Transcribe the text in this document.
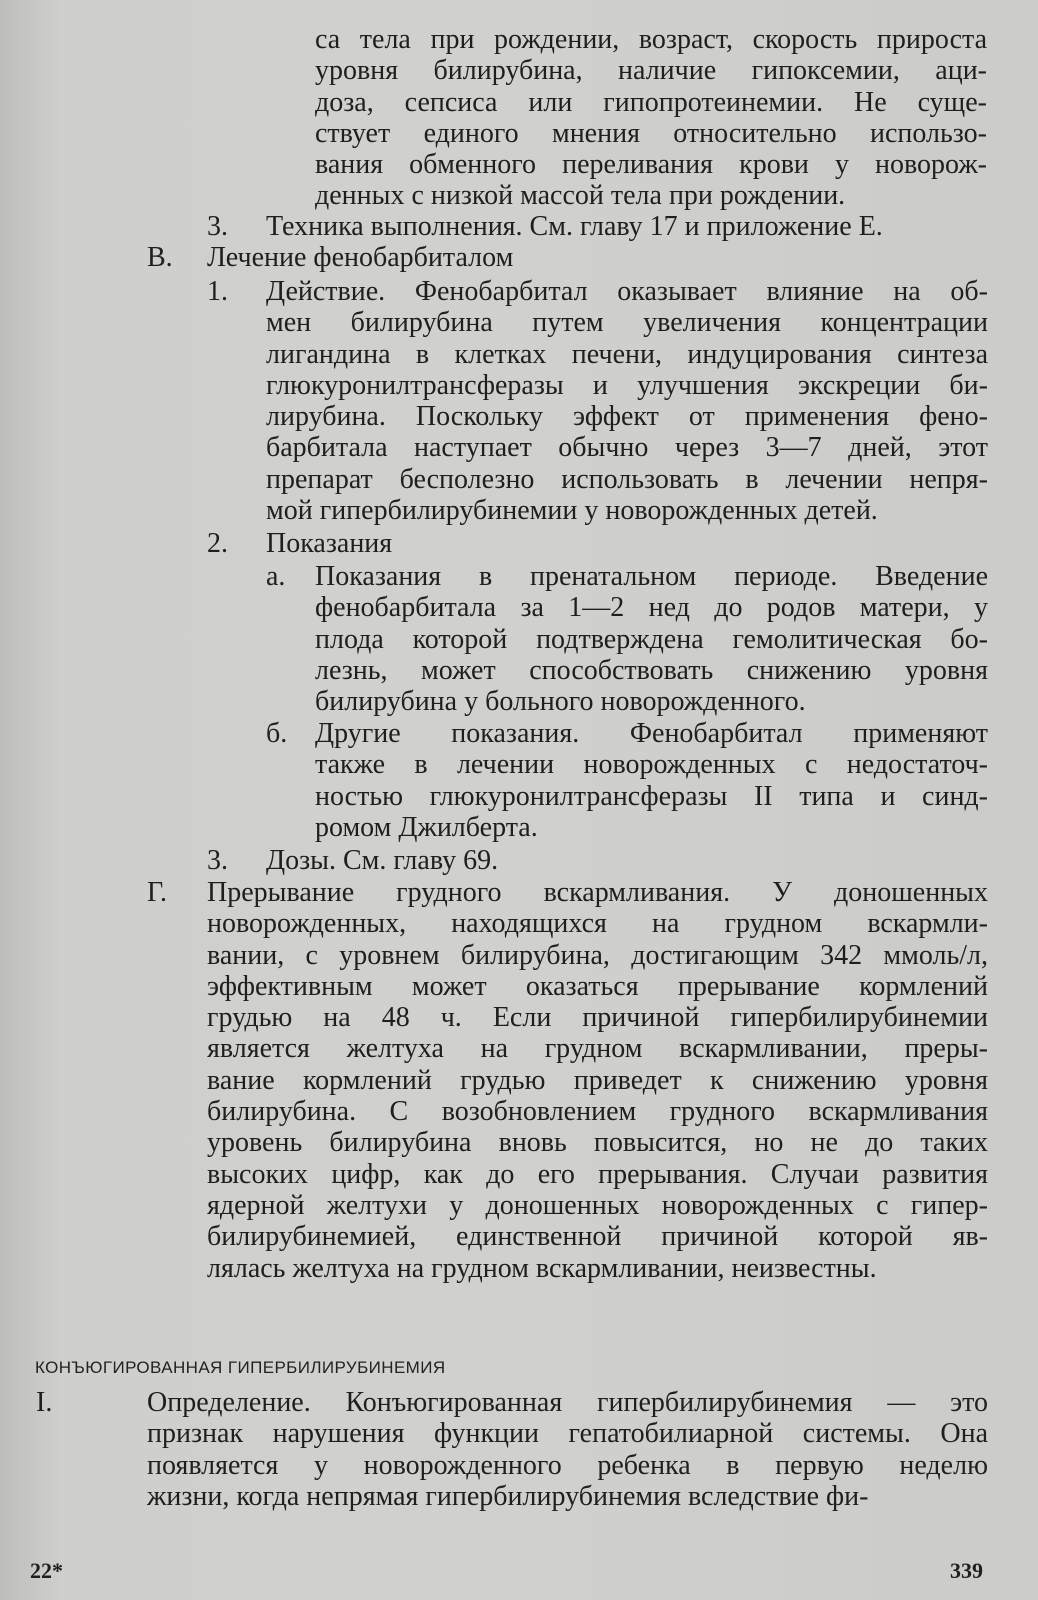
са тела при рождении, возраст, скорость прироста
уровня билирубина, наличие гипоксемии, аци-
доза, сепсиса или гипопротеинемии. Не суще-
ствует единого мнения относительно использо-
вания обменного переливания крови у новорож-
денных с низкой массой тела при рождении.
3. Техника выполнения. См. главу 17 и приложение Е.
В. Лечение фенобарбиталом
1. Действие. Фенобарбитал оказывает влияние на об-
мен билирубина путем увеличения концентрации
лигандина в клетках печени, индуцирования синтеза
глюкуронилтрансферазы и улучшения экскреции би-
лирубина. Поскольку эффект от применения фено-
барбитала наступает обычно через 3—7 дней, этот
препарат бесполезно использовать в лечении непря-
мой гипербилирубинемии у новорожденных детей.
2. Показания
а. Показания в пренатальном периоде. Введение
фенобарбитала за 1—2 нед до родов матери, у
плода которой подтверждена гемолитическая бо-
лезнь, может способствовать снижению уровня
билирубина у больного новорожденного.
б. Другие показания. Фенобарбитал применяют
также в лечении новорожденных с недостаточ-
ностью глюкуронилтрансферазы II типа и синд-
ромом Джилберта.
3. Дозы. См. главу 69.
Г. Прерывание грудного вскармливания. У доношенных
новорожденных, находящихся на грудном вскармли-
вании, с уровнем билирубина, достигающим 342 ммоль/л,
эффективным может оказаться прерывание кормлений
грудью на 48 ч. Если причиной гипербилирубинемии
является желтуха на грудном вскармливании, преры-
вание кормлений грудью приведет к снижению уровня
билирубина. С возобновлением грудного вскармливания
уровень билирубина вновь повысится, но не до таких
высоких цифр, как до его прерывания. Случаи развития
ядерной желтухи у доношенных новорожденных с гипер-
билирубинемией, единственной причиной которой яв-
лялась желтуха на грудном вскармливании, неизвестны.
КОНЪЮГИРОВАННАЯ ГИПЕРБИЛИРУБИНЕМИЯ
I.	Определение. Конъюгированная гипербилирубинемия — это
признак нарушения функции гепатобилиарной системы. Она
появляется у новорожденного ребенка в первую неделю
жизни, когда непрямая гипербилирубинемия вследствие фи-
22*	339
